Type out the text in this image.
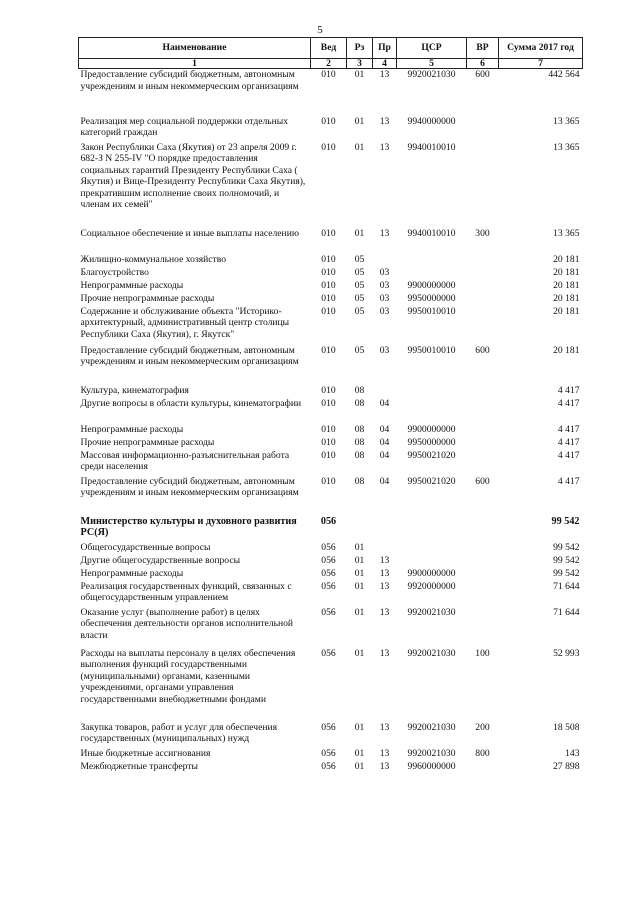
5
Наименование	Вед	Рз	Пр	ЦСР	ВР	Сумма 2017 год
1	2	3	4	5	6	7
Предоставление субсидий бюджетным, автономным учреждениям и иным некоммерческим организациям	010	01	13	9920021030	600	442 564
Реализация мер социальной поддержки отдельных категорий граждан	010	01	13	9940000000		13 365
Закон Республики Саха (Якутия) от 23 апреля 2009 г. 682-З N 255-IV "О порядке предоставления социальных гарантий Президенту Республики Саха ( Якутия) и Вице-Президенту Республики Саха Якутия), прекратившим исполнение своих полномочий, и членам их семей"	010	01	13	9940010010		13 365
Социальное обеспечение и иные выплаты населению	010	01	13	9940010010	300	13 365
Жилищно-коммунальное хозяйство	010	05				20 181
Благоустройство	010	05	03			20 181
Непрограммные расходы	010	05	03	9900000000		20 181
Прочие непрограммные расходы	010	05	03	9950000000		20 181
Содержание и обслуживание объекта "Историко-архитектурный, административный центр столицы Республики Саха (Якутия), г. Якутск"	010	05	03	9950010010		20 181
Предоставление субсидий бюджетным, автономным учреждениям и иным некоммерческим организациям	010	05	03	9950010010	600	20 181
Культура, кинематография	010	08				4 417
Другие вопросы в области культуры, кинематографии	010	08	04			4 417
Непрограммные расходы	010	08	04	9900000000		4 417
Прочие непрограммные расходы	010	08	04	9950000000		4 417
Массовая информационно-разъяснительная работа среди населения	010	08	04	9950021020		4 417
Предоставление субсидий бюджетным, автономным учреждениям и иным некоммерческим организациям	010	08	04	9950021020	600	4 417
Министерство культуры и духовного развития РС(Я)	056					99 542
Общегосударственные вопросы	056	01				99 542
Другие общегосударственные вопросы	056	01	13			99 542
Непрограммные расходы	056	01	13	9900000000		99 542
Реализация государственных функций, связанных с общегосударственным управлением	056	01	13	9920000000		71 644
Оказание услуг (выполнение работ) в целях обеспечения деятельности органов исполнительной власти	056	01	13	9920021030		71 644
Расходы на выплаты персоналу в целях обеспечения выполнения функций государственными (муниципальными) органами, казенными учреждениями, органами управления государственными внебюджетными фондами	056	01	13	9920021030	100	52 993
Закупка товаров, работ и услуг для обеспечения государственных (муниципальных) нужд	056	01	13	9920021030	200	18 508
Иные бюджетные ассигнования	056	01	13	9920021030	800	143
Межбюджетные трансферты	056	01	13	9960000000		27 898
